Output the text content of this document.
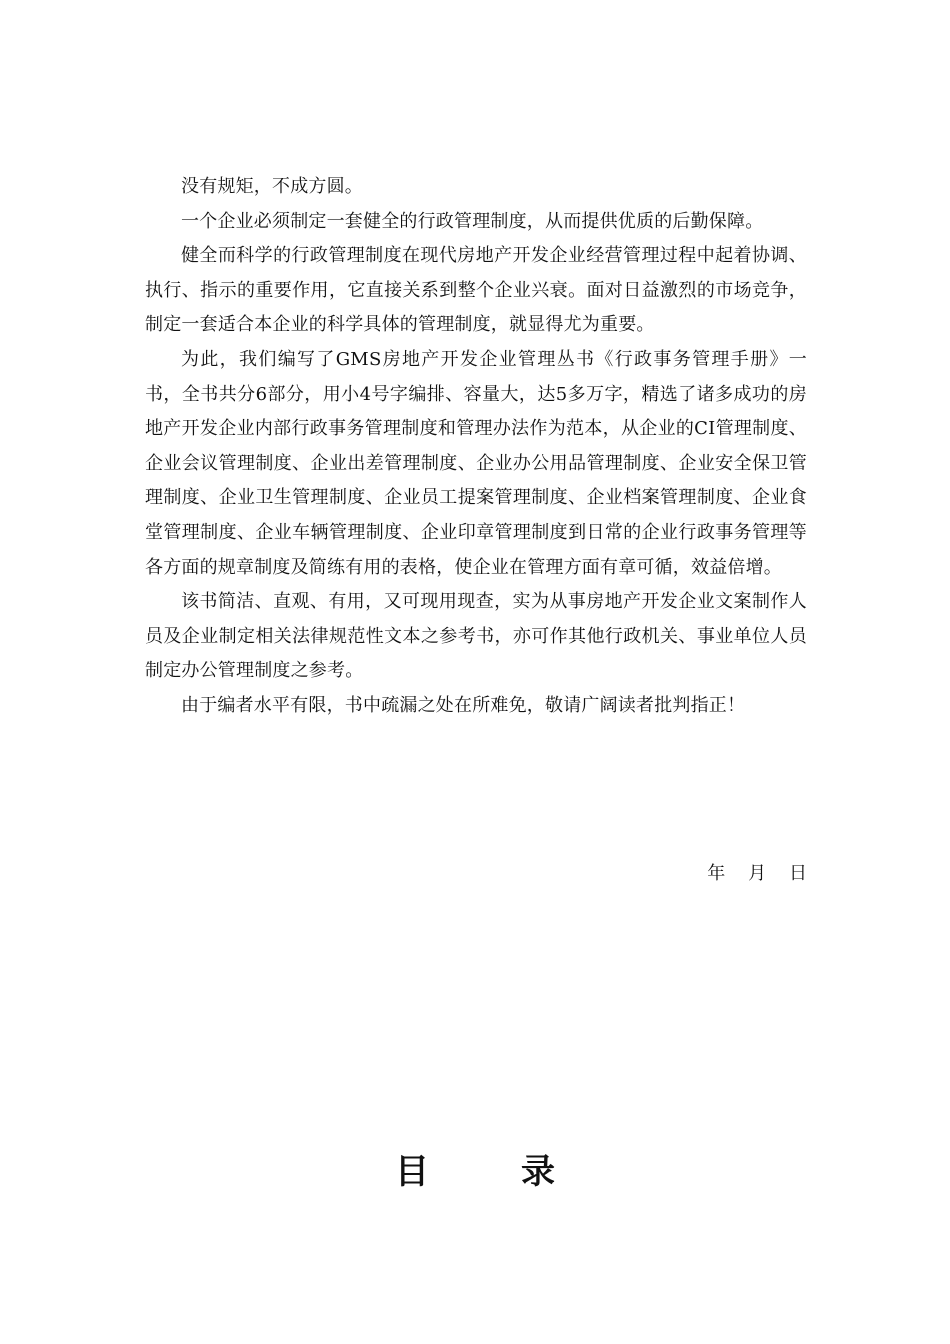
没有规矩，不成方圆。

一个企业必须制定一套健全的行政管理制度，从而提供优质的后勤保障。

健全而科学的行政管理制度在现代房地产开发企业经营管理过程中起着协调、执行、指示的重要作用，它直接关系到整个企业兴衰。面对日益激烈的市场竞争，制定一套适合本企业的科学具体的管理制度，就显得尤为重要。

为此，我们编写了GMS房地产开发企业管理丛书《行政事务管理手册》一书，全书共分6部分，用小4号字编排、容量大，达5多万字，精选了诸多成功的房地产开发企业内部行政事务管理制度和管理办法作为范本，从企业的CI管理制度、企业会议管理制度、企业出差管理制度、企业办公用品管理制度、企业安全保卫管理制度、企业卫生管理制度、企业员工提案管理制度、企业档案管理制度、企业食堂管理制度、企业车辆管理制度、企业印章管理制度到日常的企业行政事务管理等各方面的规章制度及简练有用的表格，使企业在管理方面有章可循，效益倍增。

该书简洁、直观、有用，又可现用现查，实为从事房地产开发企业文案制作人员及企业制定相关法律规范性文本之参考书，亦可作其他行政机关、事业单位人员制定办公管理制度之参考。

由于编者水平有限，书中疏漏之处在所难免，敬请广阔读者批判指正！

年    月    日
目	录
